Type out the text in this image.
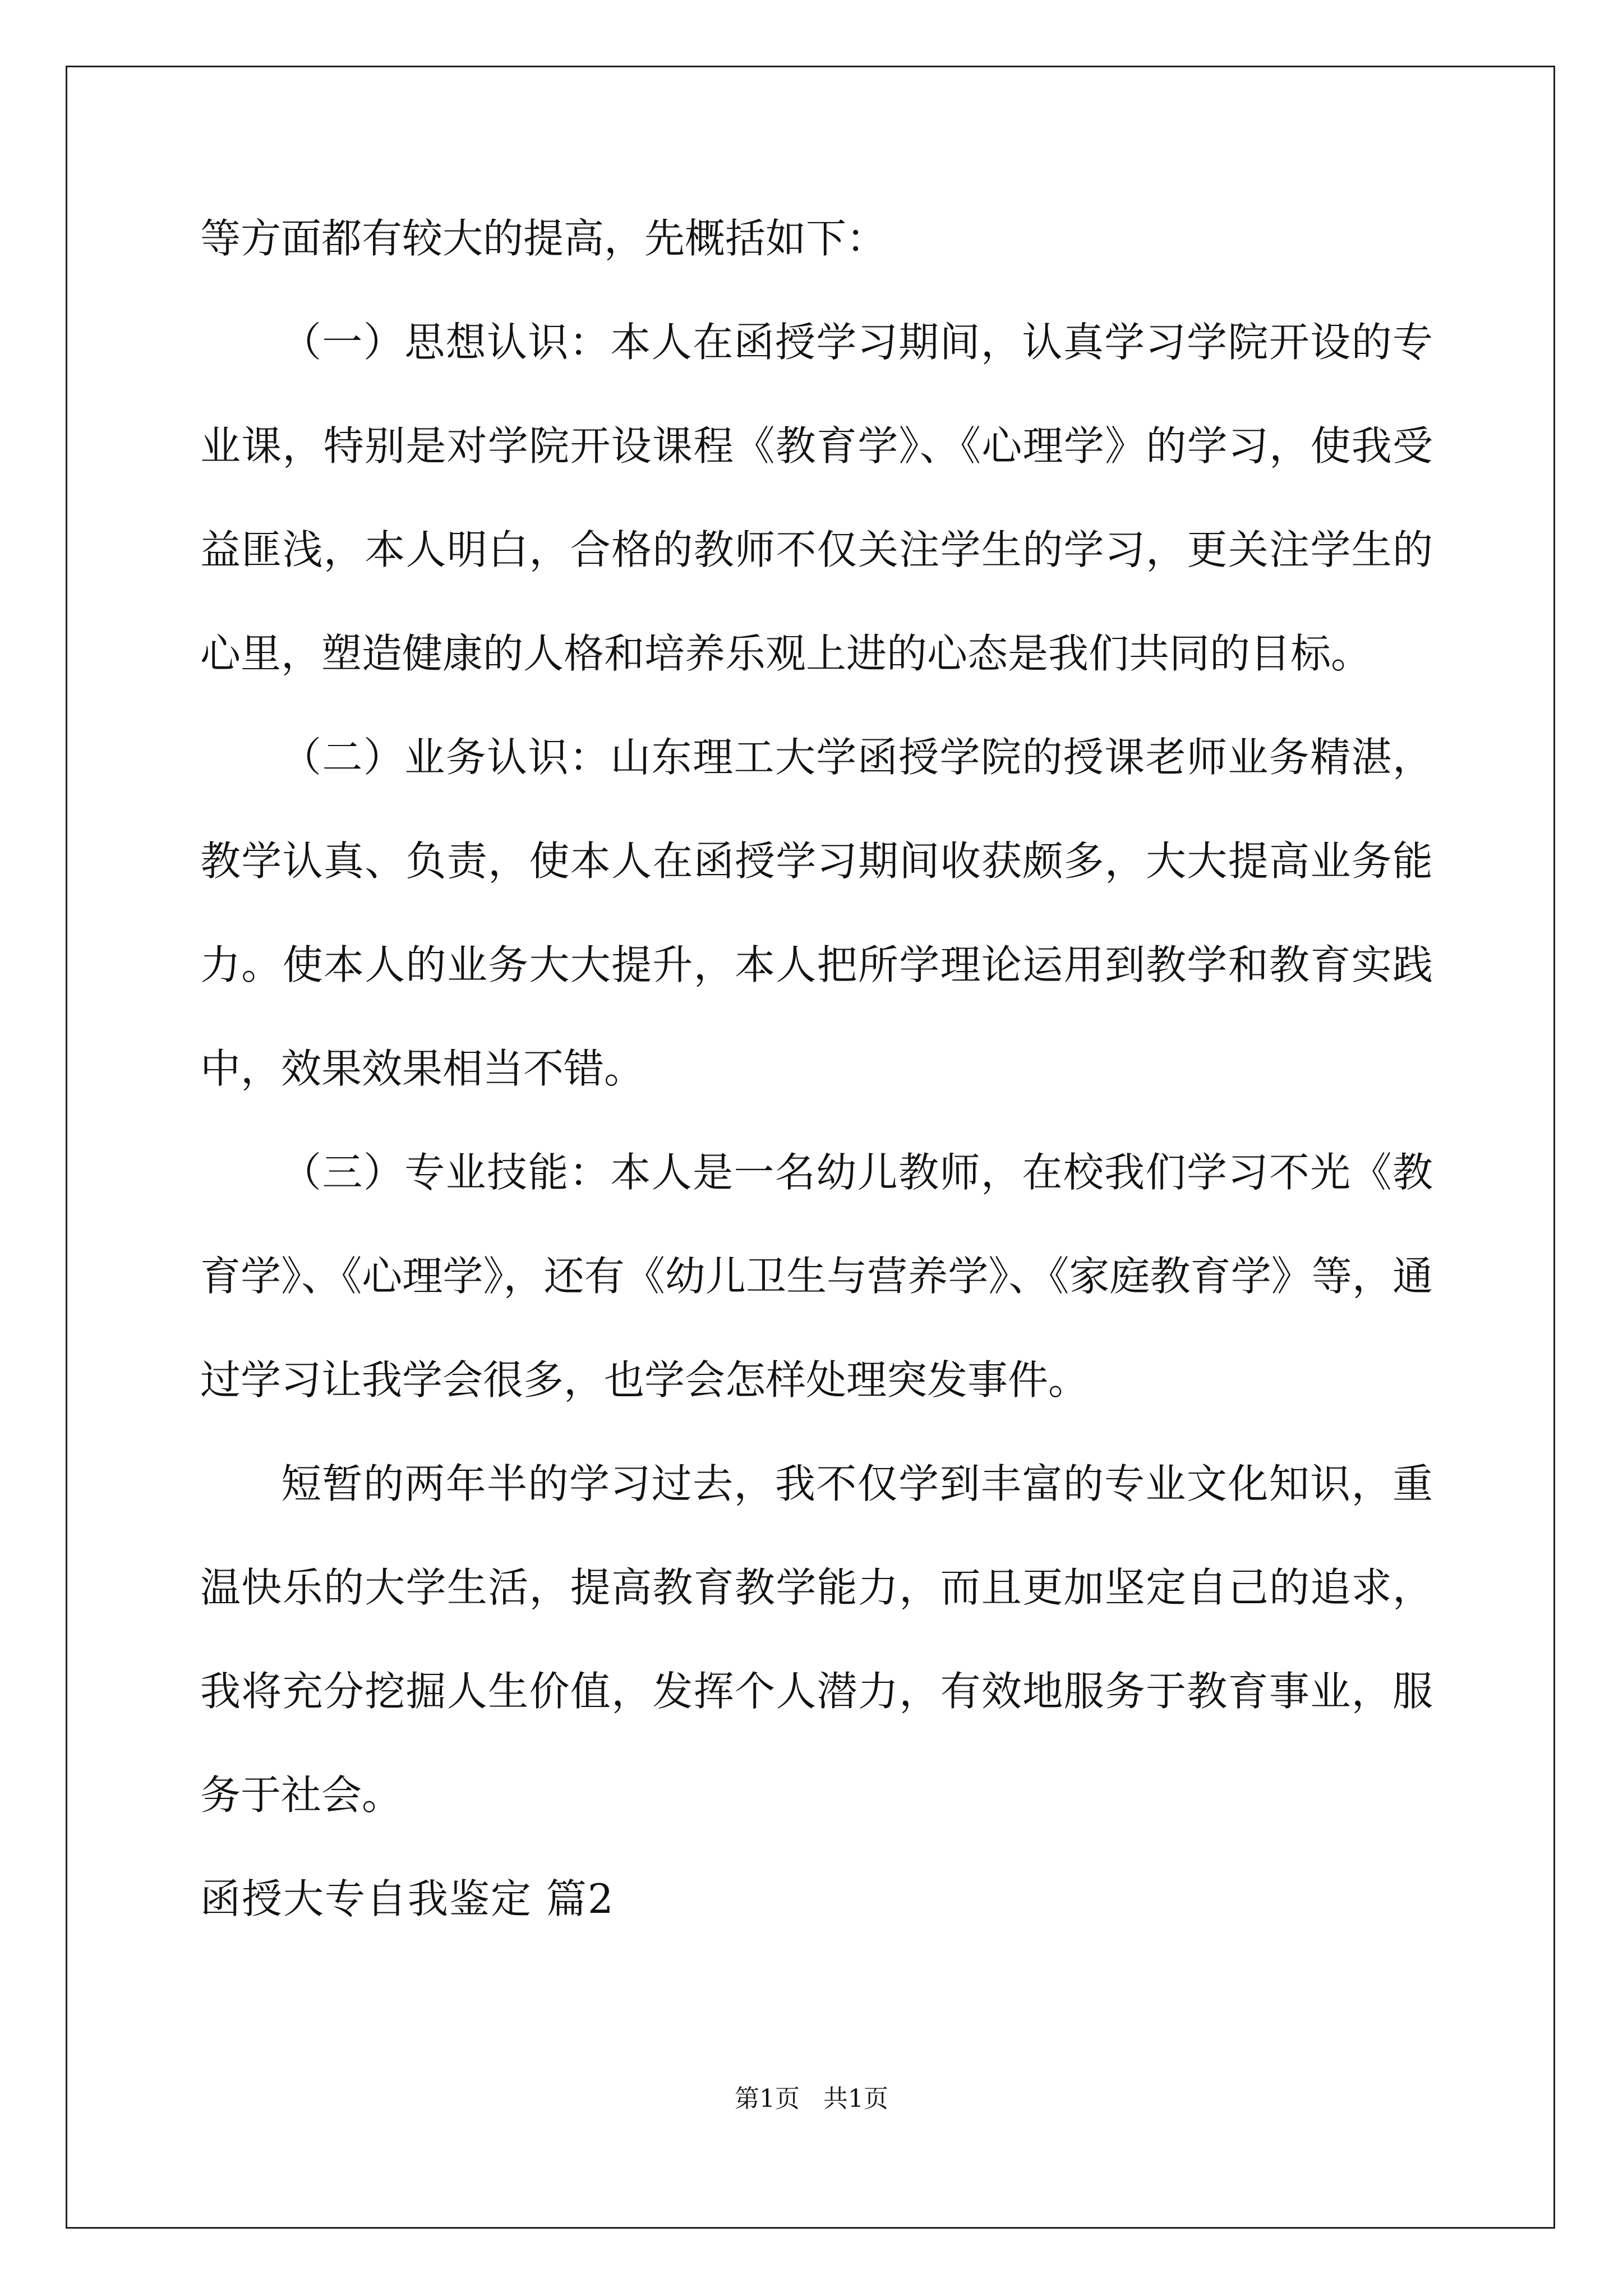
等方面都有较大的提高，先概括如下：
（一）思想认识：本人在函授学习期间，认真学习学院开设的专
业课，特别是对学院开设课程《教育学》、《心理学》的学习，使我受
益匪浅，本人明白，合格的教师不仅关注学生的学习，更关注学生的
心里，塑造健康的人格和培养乐观上进的心态是我们共同的目标。
（二）业务认识：山东理工大学函授学院的授课老师业务精湛，
教学认真、负责，使本人在函授学习期间收获颇多，大大提高业务能
力。使本人的业务大大提升，本人把所学理论运用到教学和教育实践
中，效果效果相当不错。
（三）专业技能：本人是一名幼儿教师，在校我们学习不光《教
育学》、《心理学》，还有《幼儿卫生与营养学》、《家庭教育学》等，通
过学习让我学会很多，也学会怎样处理突发事件。
短暂的两年半的学习过去，我不仅学到丰富的专业文化知识，重
温快乐的大学生活，提高教育教学能力，而且更加坚定自己的追求，
我将充分挖掘人生价值，发挥个人潜力，有效地服务于教育事业，服
务于社会。
函授大专自我鉴定 篇2
第1页   共1页
